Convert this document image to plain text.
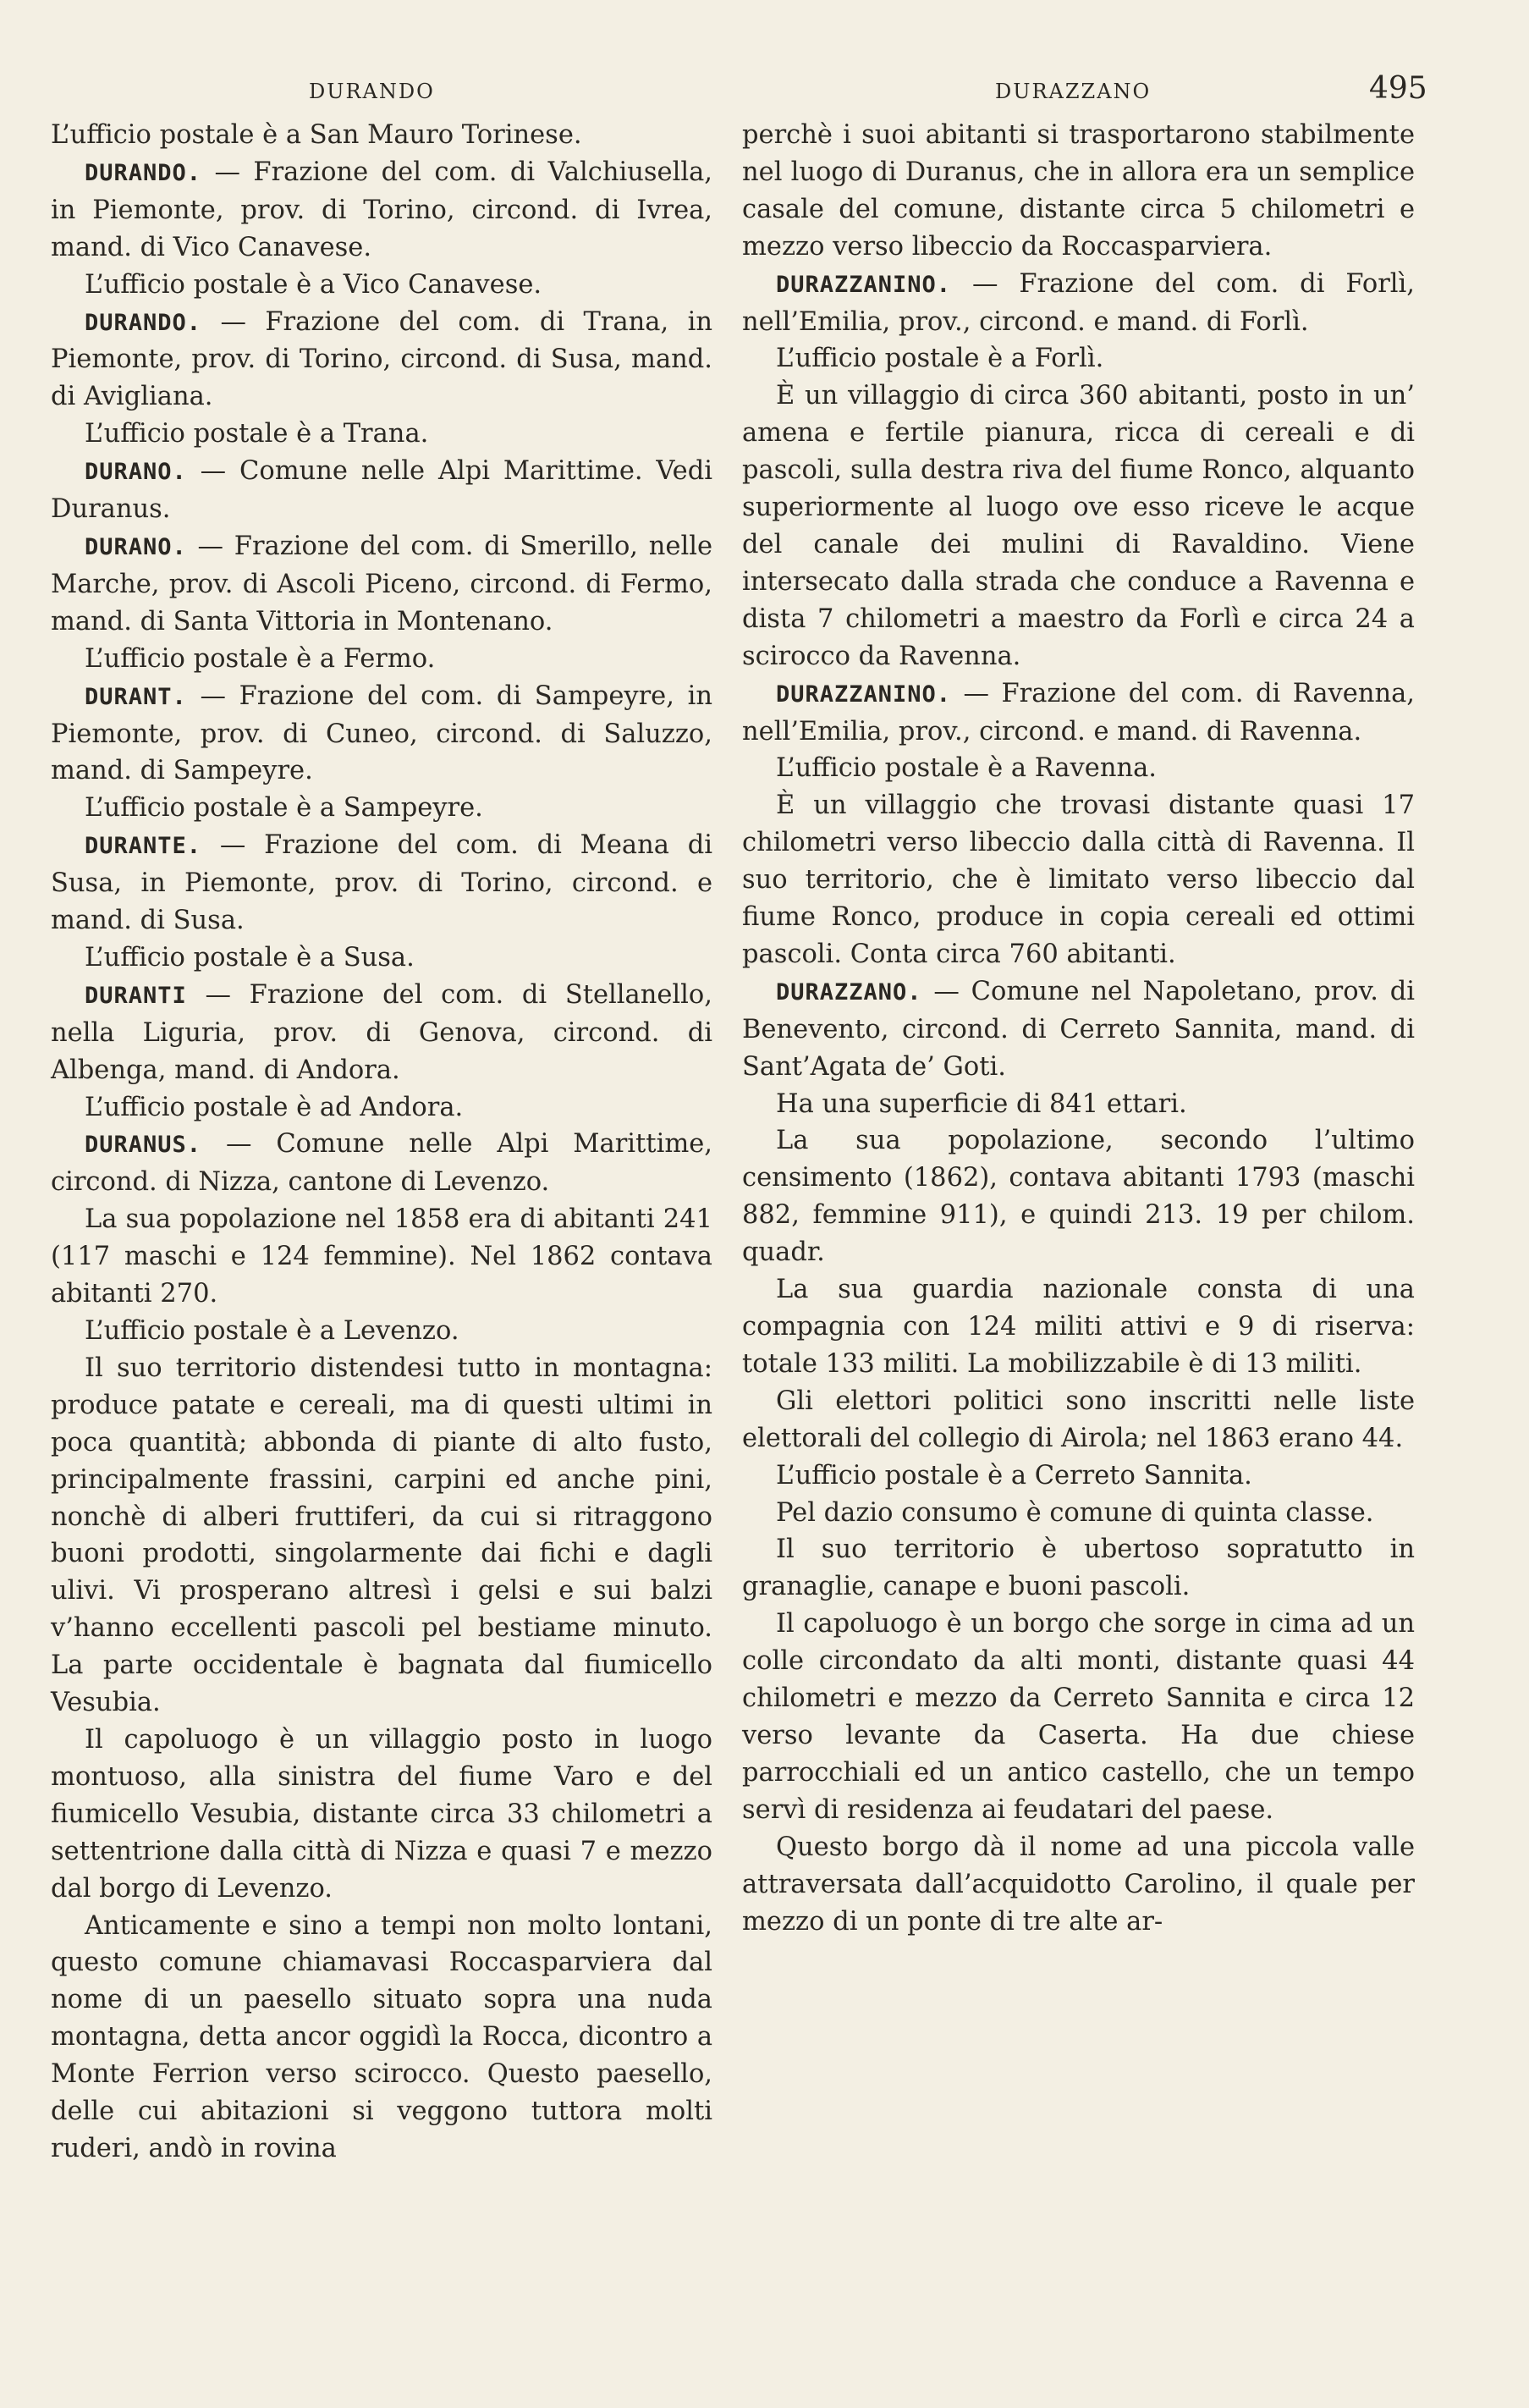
DURANDO	DURAZZANO	495

L’ufficio postale è a San Mauro Torinese.

DURANDO. — Frazione del com. di Valchiusella, in Piemonte, prov. di Torino, circond. di Ivrea, mand. di Vico Canavese.

L’ufficio postale è a Vico Canavese.

DURANDO. — Frazione del com. di Trana, in Piemonte, prov. di Torino, circond. di Susa, mand. di Avigliana.

L’ufficio postale è a Trana.

DURANO. — Comune nelle Alpi Marittime. Vedi Duranus.

DURANO. — Frazione del com. di Smerillo, nelle Marche, prov. di Ascoli Piceno, circond. di Fermo, mand. di Santa Vittoria in Montenano.

L’ufficio postale è a Fermo.

DURANT. — Frazione del com. di Sampeyre, in Piemonte, prov. di Cuneo, circond. di Saluzzo, mand. di Sampeyre.

L’ufficio postale è a Sampeyre.

DURANTE. — Frazione del com. di Meana di Susa, in Piemonte, prov. di Torino, circond. e mand. di Susa.

L’ufficio postale è a Susa.

DURANTI — Frazione del com. di Stellanello, nella Liguria, prov. di Genova, circond. di Albenga, mand. di Andora.

L’ufficio postale è ad Andora.

DURANUS. — Comune nelle Alpi Marittime, circond. di Nizza, cantone di Levenzo.

La sua popolazione nel 1858 era di abitanti 241 (117 maschi e 124 femmine). Nel 1862 contava abitanti 270.

L’ufficio postale è a Levenzo.

Il suo territorio distendesi tutto in montagna: produce patate e cereali, ma di questi ultimi in poca quantità; abbonda di piante di alto fusto, principalmente frassini, carpini ed anche pini, nonchè di alberi fruttiferi, da cui si ritraggono buoni prodotti, singolarmente dai fichi e dagli ulivi. Vi prosperano altresì i gelsi e sui balzi v’hanno eccellenti pascoli pel bestiame minuto. La parte occidentale è bagnata dal fiumicello Vesubia.

Il capoluogo è un villaggio posto in luogo montuoso, alla sinistra del fiume Varo e del fiumicello Vesubia, distante circa 33 chilometri a settentrione dalla città di Nizza e quasi 7 e mezzo dal borgo di Levenzo.

Anticamente e sino a tempi non molto lontani, questo comune chiamavasi Roccasparviera dal nome di un paesello situato sopra una nuda montagna, detta ancor oggidì la Rocca, dicontro a Monte Ferrion verso scirocco. Questo paesello, delle cui abitazioni si veggono tuttora molti ruderi, andò in rovina

perchè i suoi abitanti si trasportarono stabilmente nel luogo di Duranus, che in allora era un semplice casale del comune, distante circa 5 chilometri e mezzo verso libeccio da Roccasparviera.

DURAZZANINO. — Frazione del com. di Forlì, nell’Emilia, prov., circond. e mand. di Forlì.

L’ufficio postale è a Forlì.

È un villaggio di circa 360 abitanti, posto in un’ amena e fertile pianura, ricca di cereali e di pascoli, sulla destra riva del fiume Ronco, alquanto superiormente al luogo ove esso riceve le acque del canale dei mulini di Ravaldino. Viene intersecato dalla strada che conduce a Ravenna e dista 7 chilometri a maestro da Forlì e circa 24 a scirocco da Ravenna.

DURAZZANINO. — Frazione del com. di Ravenna, nell’Emilia, prov., circond. e mand. di Ravenna.

L’ufficio postale è a Ravenna.

È un villaggio che trovasi distante quasi 17 chilometri verso libeccio dalla città di Ravenna. Il suo territorio, che è limitato verso libeccio dal fiume Ronco, produce in copia cereali ed ottimi pascoli. Conta circa 760 abitanti.

DURAZZANO. — Comune nel Napoletano, prov. di Benevento, circond. di Cerreto Sannita, mand. di Sant’Agata de’ Goti.

Ha una superficie di 841 ettari.

La sua popolazione, secondo l’ultimo censimento (1862), contava abitanti 1793 (maschi 882, femmine 911), e quindi 213. 19 per chilom. quadr.

La sua guardia nazionale consta di una compagnia con 124 militi attivi e 9 di riserva: totale 133 militi. La mobilizzabile è di 13 militi.

Gli elettori politici sono inscritti nelle liste elettorali del collegio di Airola; nel 1863 erano 44.

L’ufficio postale è a Cerreto Sannita.

Pel dazio consumo è comune di quinta classe.

Il suo territorio è ubertoso sopratutto in granaglie, canape e buoni pascoli.

Il capoluogo è un borgo che sorge in cima ad un colle circondato da alti monti, distante quasi 44 chilometri e mezzo da Cerreto Sannita e circa 12 verso levante da Caserta. Ha due chiese parrocchiali ed un antico castello, che un tempo servì di residenza ai feudatari del paese.

Questo borgo dà il nome ad una piccola valle attraversata dall’acquidotto Carolino, il quale per mezzo di un ponte di tre alte ar-
